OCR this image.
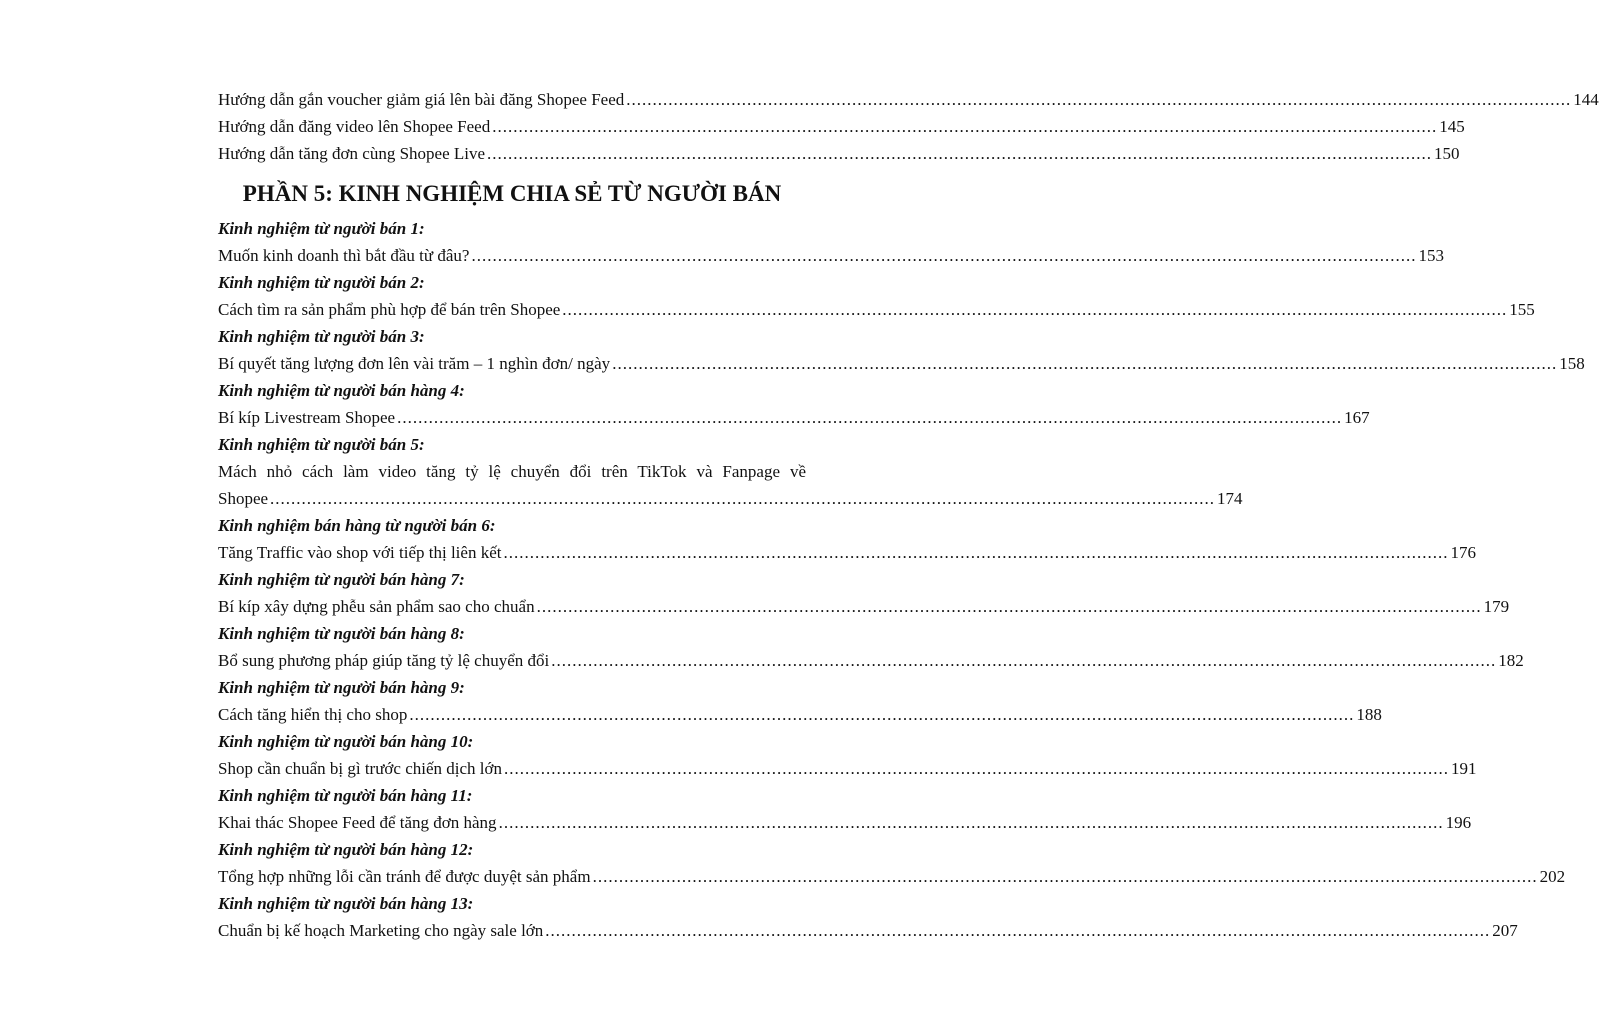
Hướng dẫn gắn voucher giảm giá lên bài đăng Shopee Feed .....	144
Hướng dẫn đăng video lên Shopee Feed .....	145
Hướng dẫn tăng đơn cùng Shopee Live .....	150
PHẦN 5: KINH NGHIỆM CHIA SẺ TỪ NGƯỜI BÁN
Kinh nghiệm từ người bán 1:
Muốn kinh doanh thì bắt đầu từ đâu? .....	153
Kinh nghiệm từ người bán 2:
Cách tìm ra sản phẩm phù hợp để bán trên Shopee .....	155
Kinh nghiệm từ người bán 3:
Bí quyết tăng lượng đơn lên vài trăm – 1 nghìn đơn/ ngày .....	158
Kinh nghiệm từ người bán hàng 4:
Bí kíp Livestream Shopee .....	167
Kinh nghiệm từ người bán 5:
Mách nhỏ cách làm video tăng tỷ lệ chuyển đổi trên TikTok và Fanpage về
Shopee .....	174
Kinh nghiệm bán hàng từ người bán 6:
Tăng Traffic vào shop với tiếp thị liên kết .....	176
Kinh nghiệm từ người bán hàng 7:
Bí kíp xây dựng phễu sản phẩm sao cho chuẩn .....	179
Kinh nghiệm từ người bán hàng 8:
Bổ sung phương pháp giúp tăng tỷ lệ chuyển đổi .....	182
Kinh nghiệm từ người bán hàng 9:
Cách tăng hiển thị cho shop .....	188
Kinh nghiệm từ người bán hàng 10:
Shop cần chuẩn bị gì trước chiến dịch lớn .....	191
Kinh nghiệm từ người bán hàng 11:
Khai thác Shopee Feed để tăng đơn hàng .....	196
Kinh nghiệm từ người bán hàng 12:
Tổng hợp những lỗi cần tránh để được duyệt sản phẩm .....	202
Kinh nghiệm từ người bán hàng 13:
Chuẩn bị kế hoạch Marketing cho ngày sale lớn .....	207
